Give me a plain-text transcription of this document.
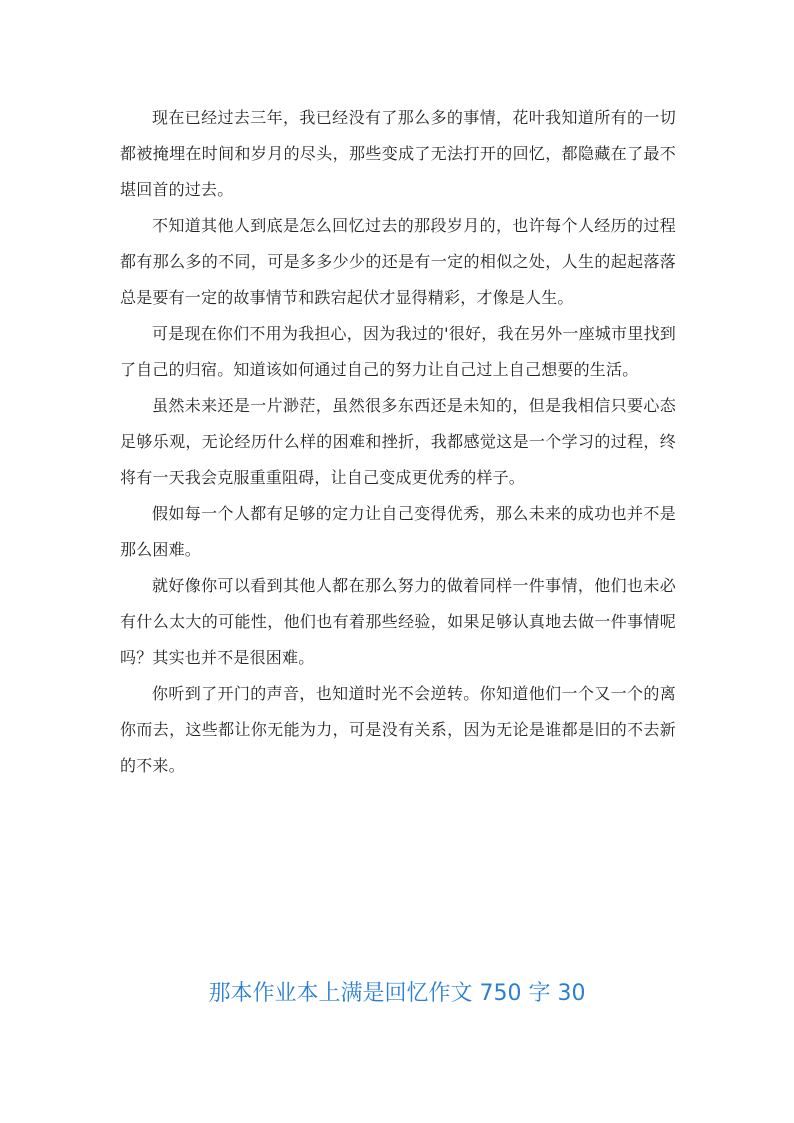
现在已经过去三年，我已经没有了那么多的事情，花叶我知道所有的一切都被掩埋在时间和岁月的尽头，那些变成了无法打开的回忆，都隐藏在了最不堪回首的过去。

不知道其他人到底是怎么回忆过去的那段岁月的，也许每个人经历的过程都有那么多的不同，可是多多少少的还是有一定的相似之处，人生的起起落落总是要有一定的故事情节和跌宕起伏才显得精彩，才像是人生。

可是现在你们不用为我担心，因为我过的'很好，我在另外一座城市里找到了自己的归宿。知道该如何通过自己的努力让自己过上自己想要的生活。

虽然未来还是一片渺茫，虽然很多东西还是未知的，但是我相信只要心态足够乐观，无论经历什么样的困难和挫折，我都感觉这是一个学习的过程，终将有一天我会克服重重阻碍，让自己变成更优秀的样子。

假如每一个人都有足够的定力让自己变得优秀，那么未来的成功也并不是那么困难。

就好像你可以看到其他人都在那么努力的做着同样一件事情，他们也未必有什么太大的可能性，他们也有着那些经验，如果足够认真地去做一件事情呢吗？其实也并不是很困难。

你听到了开门的声音，也知道时光不会逆转。你知道他们一个又一个的离你而去，这些都让你无能为力，可是没有关系，因为无论是谁都是旧的不去新的不来。

那本作业本上满是回忆作文 750 字 30
